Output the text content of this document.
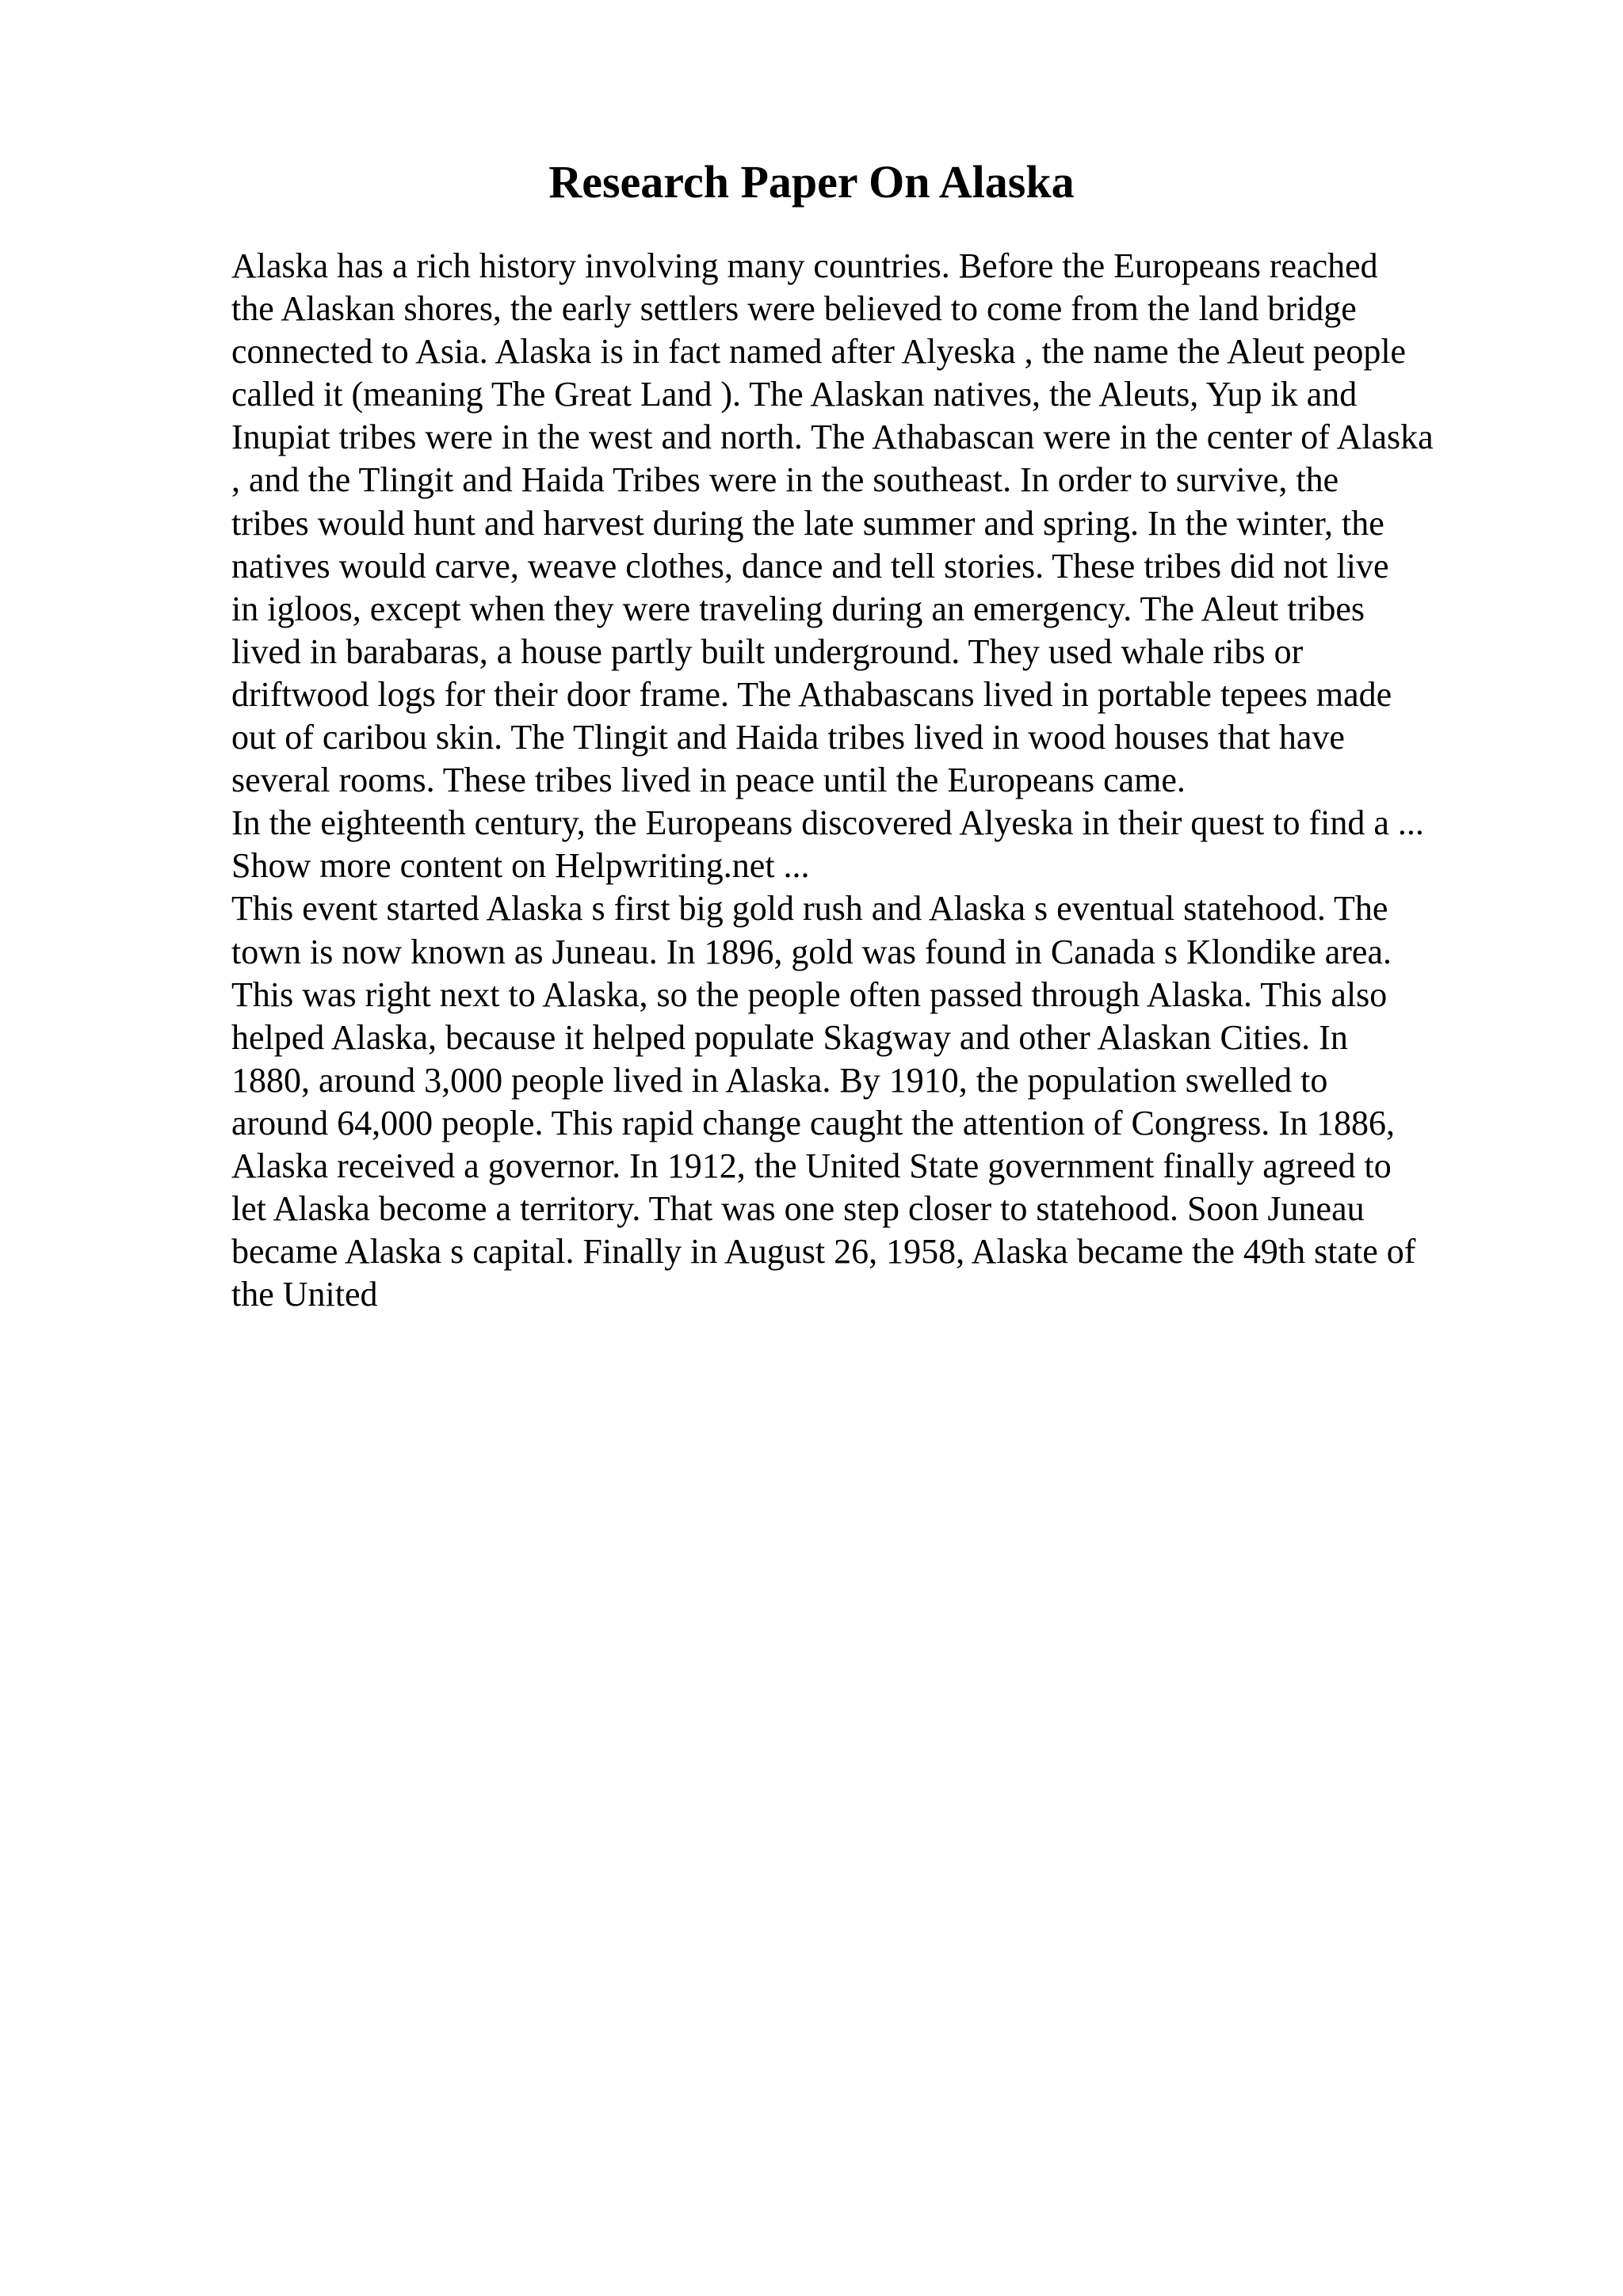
Research Paper On Alaska
Alaska has a rich history involving many countries. Before the Europeans reached
the Alaskan shores, the early settlers were believed to come from the land bridge
connected to Asia. Alaska is in fact named after Alyeska , the name the Aleut people
called it (meaning The Great Land ). The Alaskan natives, the Aleuts, Yup ik and
Inupiat tribes were in the west and north. The Athabascan were in the center of Alaska
, and the Tlingit and Haida Tribes were in the southeast. In order to survive, the
tribes would hunt and harvest during the late summer and spring. In the winter, the
natives would carve, weave clothes, dance and tell stories. These tribes did not live
in igloos, except when they were traveling during an emergency. The Aleut tribes
lived in barabaras, a house partly built underground. They used whale ribs or
driftwood logs for their door frame. The Athabascans lived in portable tepees made
out of caribou skin. The Tlingit and Haida tribes lived in wood houses that have
several rooms. These tribes lived in peace until the Europeans came.
In the eighteenth century, the Europeans discovered Alyeska in their quest to find a ...
Show more content on Helpwriting.net ...
This event started Alaska s first big gold rush and Alaska s eventual statehood. The
town is now known as Juneau. In 1896, gold was found in Canada s Klondike area.
This was right next to Alaska, so the people often passed through Alaska. This also
helped Alaska, because it helped populate Skagway and other Alaskan Cities. In
1880, around 3,000 people lived in Alaska. By 1910, the population swelled to
around 64,000 people. This rapid change caught the attention of Congress. In 1886,
Alaska received a governor. In 1912, the United State government finally agreed to
let Alaska become a territory. That was one step closer to statehood. Soon Juneau
became Alaska s capital. Finally in August 26, 1958, Alaska became the 49th state of
the United
